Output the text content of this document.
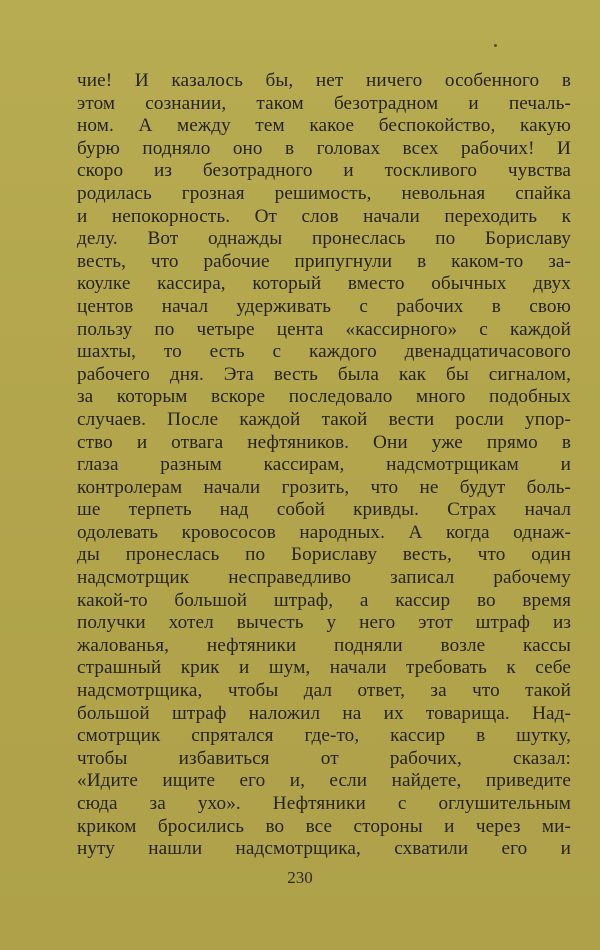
чие! И казалось бы, нет ничего особенного в
этом сознании, таком безотрадном и печаль-
ном. А между тем какое беспокойство, какую
бурю подняло оно в головах всех рабочих! И
скоро из безотрадного и тоскливого чувства
родилась грозная решимость, невольная спайка
и непокорность. От слов начали переходить к
делу. Вот однажды пронеслась по Бориславу
весть, что рабочие припугнули в каком-то за-
коулке кассира, который вместо обычных двух
центов начал удерживать с рабочих в свою
пользу по четыре цента «кассирного» с каждой
шахты, то есть с каждого двенадцатичасового
рабочего дня. Эта весть была как бы сигналом,
за которым вскоре последовало много подобных
случаев. После каждой такой вести росли упор-
ство и отвага нефтяников. Они уже прямо в
глаза разным кассирам, надсмотрщикам и
контролерам начали грозить, что не будут боль-
ше терпеть над собой кривды. Страх начал
одолевать кровососов народных. А когда однаж-
ды пронеслась по Бориславу весть, что один
надсмотрщик несправедливо записал рабочему
какой-то большой штраф, а кассир во время
получки хотел вычесть у него этот штраф из
жалованья, нефтяники подняли возле кассы
страшный крик и шум, начали требовать к себе
надсмотрщика, чтобы дал ответ, за что такой
большой штраф наложил на их товарища. Над-
смотрщик спрятался где-то, кассир в шутку,
чтобы избавиться от рабочих, сказал:
«Идите ищите его и, если найдете, приведите
сюда за ухо». Нефтяники с оглушительным
криком бросились во все стороны и через ми-
нуту нашли надсмотрщика, схватили его и
230
